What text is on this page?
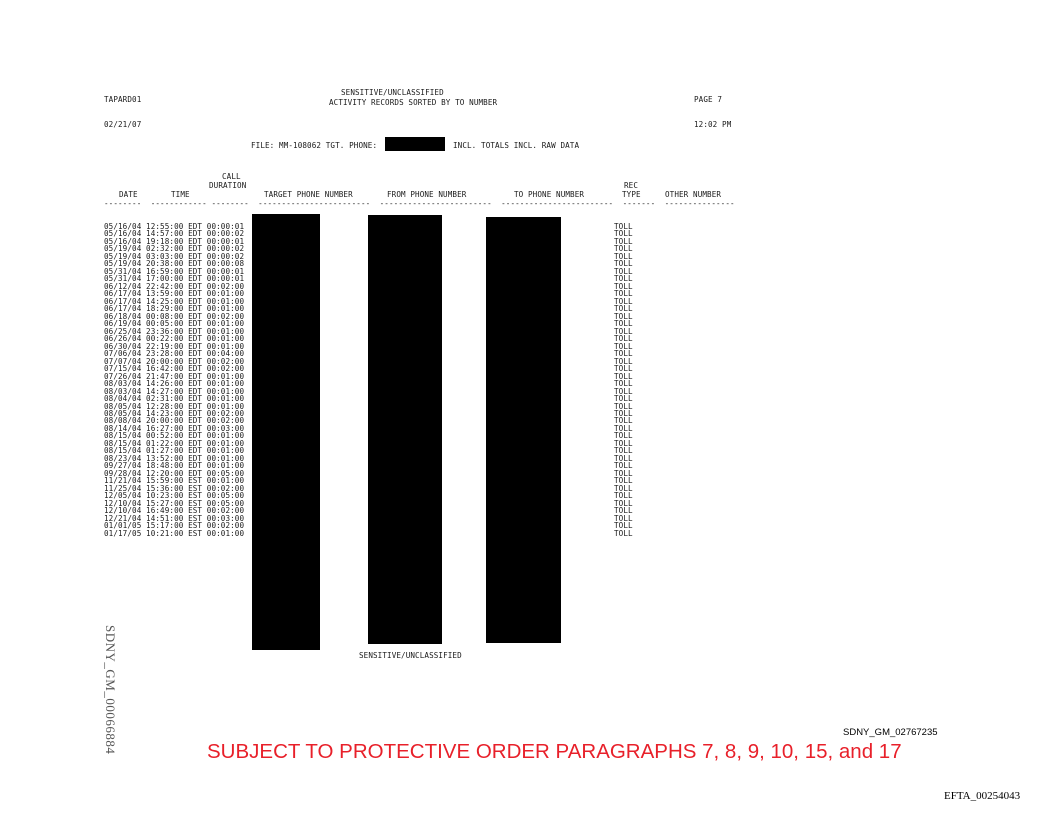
TAPARD01
SENSITIVE/UNCLASSIFIED
ACTIVITY RECORDS SORTED BY TO NUMBER	PAGE 7
02/21/07	12:02 PM
FILE: MM-108062 TGT. PHONE:	INCL. TOTALS INCL. RAW DATA
CALL
DURATION
DATE	TIME	TARGET PHONE NUMBER	FROM PHONE NUMBER	TO PHONE NUMBER
REC
TYPE	OTHER NUMBER
--------  ------------ --------  ------------------------  ------------------------  ------------------------  -------  ---------------
05/16/04 12:55:00 EDT 00:00:01	TOLL
05/16/04 14:57:00 EDT 00:00:02	TOLL
05/16/04 19:18:00 EDT 00:00:01	TOLL
05/19/04 02:32:00 EDT 00:00:02	TOLL
05/19/04 03:03:00 EDT 00:00:02	TOLL
05/19/04 20:38:00 EDT 00:00:08	TOLL
05/31/04 16:59:00 EDT 00:00:01	TOLL
05/31/04 17:00:00 EDT 00:00:01	TOLL
06/12/04 22:42:00 EDT 00:02:00	TOLL
06/17/04 13:59:00 EDT 00:01:00	TOLL
06/17/04 14:25:00 EDT 00:01:00	TOLL
06/17/04 18:29:00 EDT 00:01:00	TOLL
06/18/04 00:08:00 EDT 00:02:00	TOLL
06/19/04 00:05:00 EDT 00:01:00	TOLL
06/25/04 23:36:00 EDT 00:01:00	TOLL
06/26/04 00:22:00 EDT 00:01:00	TOLL
06/30/04 22:19:00 EDT 00:01:00	TOLL
07/06/04 23:28:00 EDT 00:04:00	TOLL
07/07/04 20:00:00 EDT 00:02:00	TOLL
07/15/04 16:42:00 EDT 00:02:00	TOLL
07/26/04 21:47:00 EDT 00:01:00	TOLL
08/03/04 14:26:00 EDT 00:01:00	TOLL
08/03/04 14:27:00 EDT 00:01:00	TOLL
08/04/04 02:31:00 EDT 00:01:00	TOLL
08/05/04 12:28:00 EDT 00:01:00	TOLL
08/05/04 14:23:00 EDT 00:02:00	TOLL
08/08/04 20:00:00 EDT 00:02:00	TOLL
08/14/04 16:27:00 EDT 00:03:00	TOLL
08/15/04 00:52:00 EDT 00:01:00	TOLL
08/15/04 01:22:00 EDT 00:01:00	TOLL
08/15/04 01:27:00 EDT 00:01:00	TOLL
08/23/04 13:52:00 EDT 00:01:00	TOLL
09/27/04 18:48:00 EDT 00:01:00	TOLL
09/28/04 12:20:00 EDT 00:05:00	TOLL
11/21/04 15:59:00 EST 00:01:00	TOLL
11/25/04 15:36:00 EST 00:02:00	TOLL
12/05/04 10:23:00 EST 00:05:00	TOLL
12/10/04 15:27:00 EST 00:05:00	TOLL
12/10/04 16:49:00 EST 00:02:00	TOLL
12/21/04 14:51:00 EST 00:03:00	TOLL
01/01/05 15:17:00 EST 00:02:00	TOLL
01/17/05 10:21:00 EST 00:01:00	TOLL
SENSITIVE/UNCLASSIFIED
SDNY_GM_00066884	SDNY_GM_02767235
SUBJECT TO PROTECTIVE ORDER PARAGRAPHS 7, 8, 9, 10, 15, and 17
EFTA_00254043
